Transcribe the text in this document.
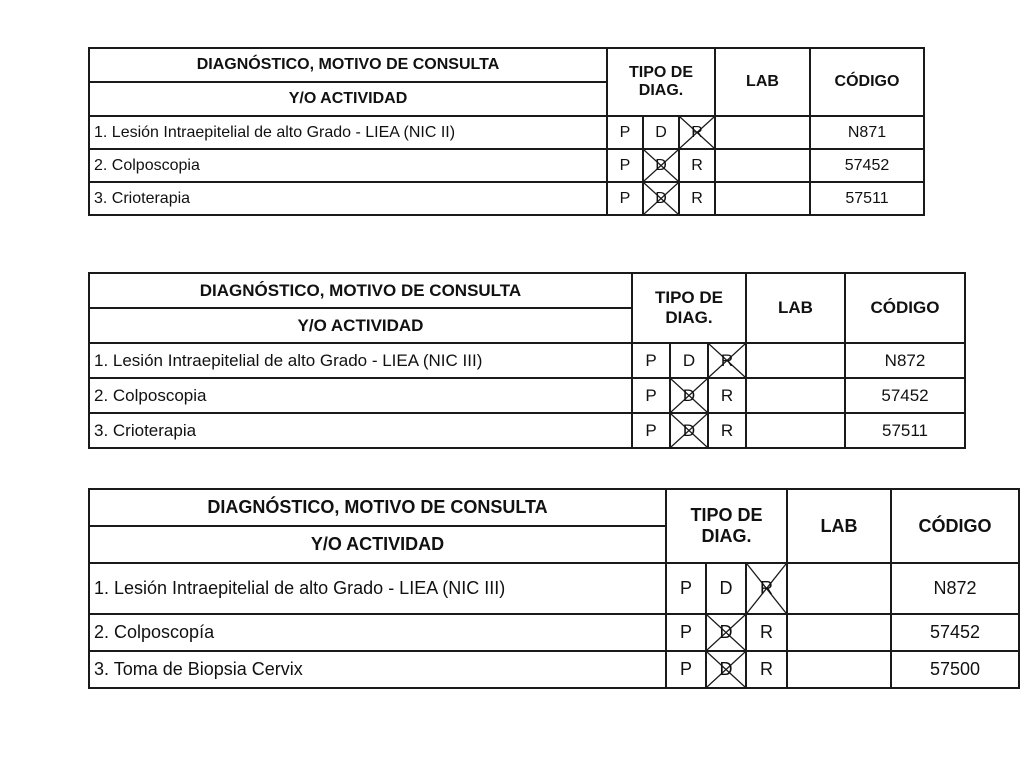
DIAGNÓSTICO, MOTIVO DE CONSULTA	TIPO DE DIAG.			LAB	CÓDIGO
Y/O ACTIVIDAD					
1. Lesión Intraepitelial de alto Grado - LIEA (NIC II)	P	D	R		N871
2. Colposcopia	P	D	R		57452
3. Crioterapia	P	D	R		57511
DIAGNÓSTICO, MOTIVO DE CONSULTA	TIPO DE DIAG.			LAB	CÓDIGO
Y/O ACTIVIDAD					
1. Lesión Intraepitelial de alto Grado - LIEA (NIC III)	P	D	R		N872
2. Colposcopia	P	D	R		57452
3. Crioterapia	P	D	R		57511
DIAGNÓSTICO, MOTIVO DE CONSULTA	TIPO DE DIAG.			LAB	CÓDIGO
Y/O ACTIVIDAD					
1. Lesión Intraepitelial de alto Grado - LIEA (NIC III)	P	D	R		N872
2. Colposcopía	P	D	R		57452
3. Toma de Biopsia Cervix	P	D	R		57500
